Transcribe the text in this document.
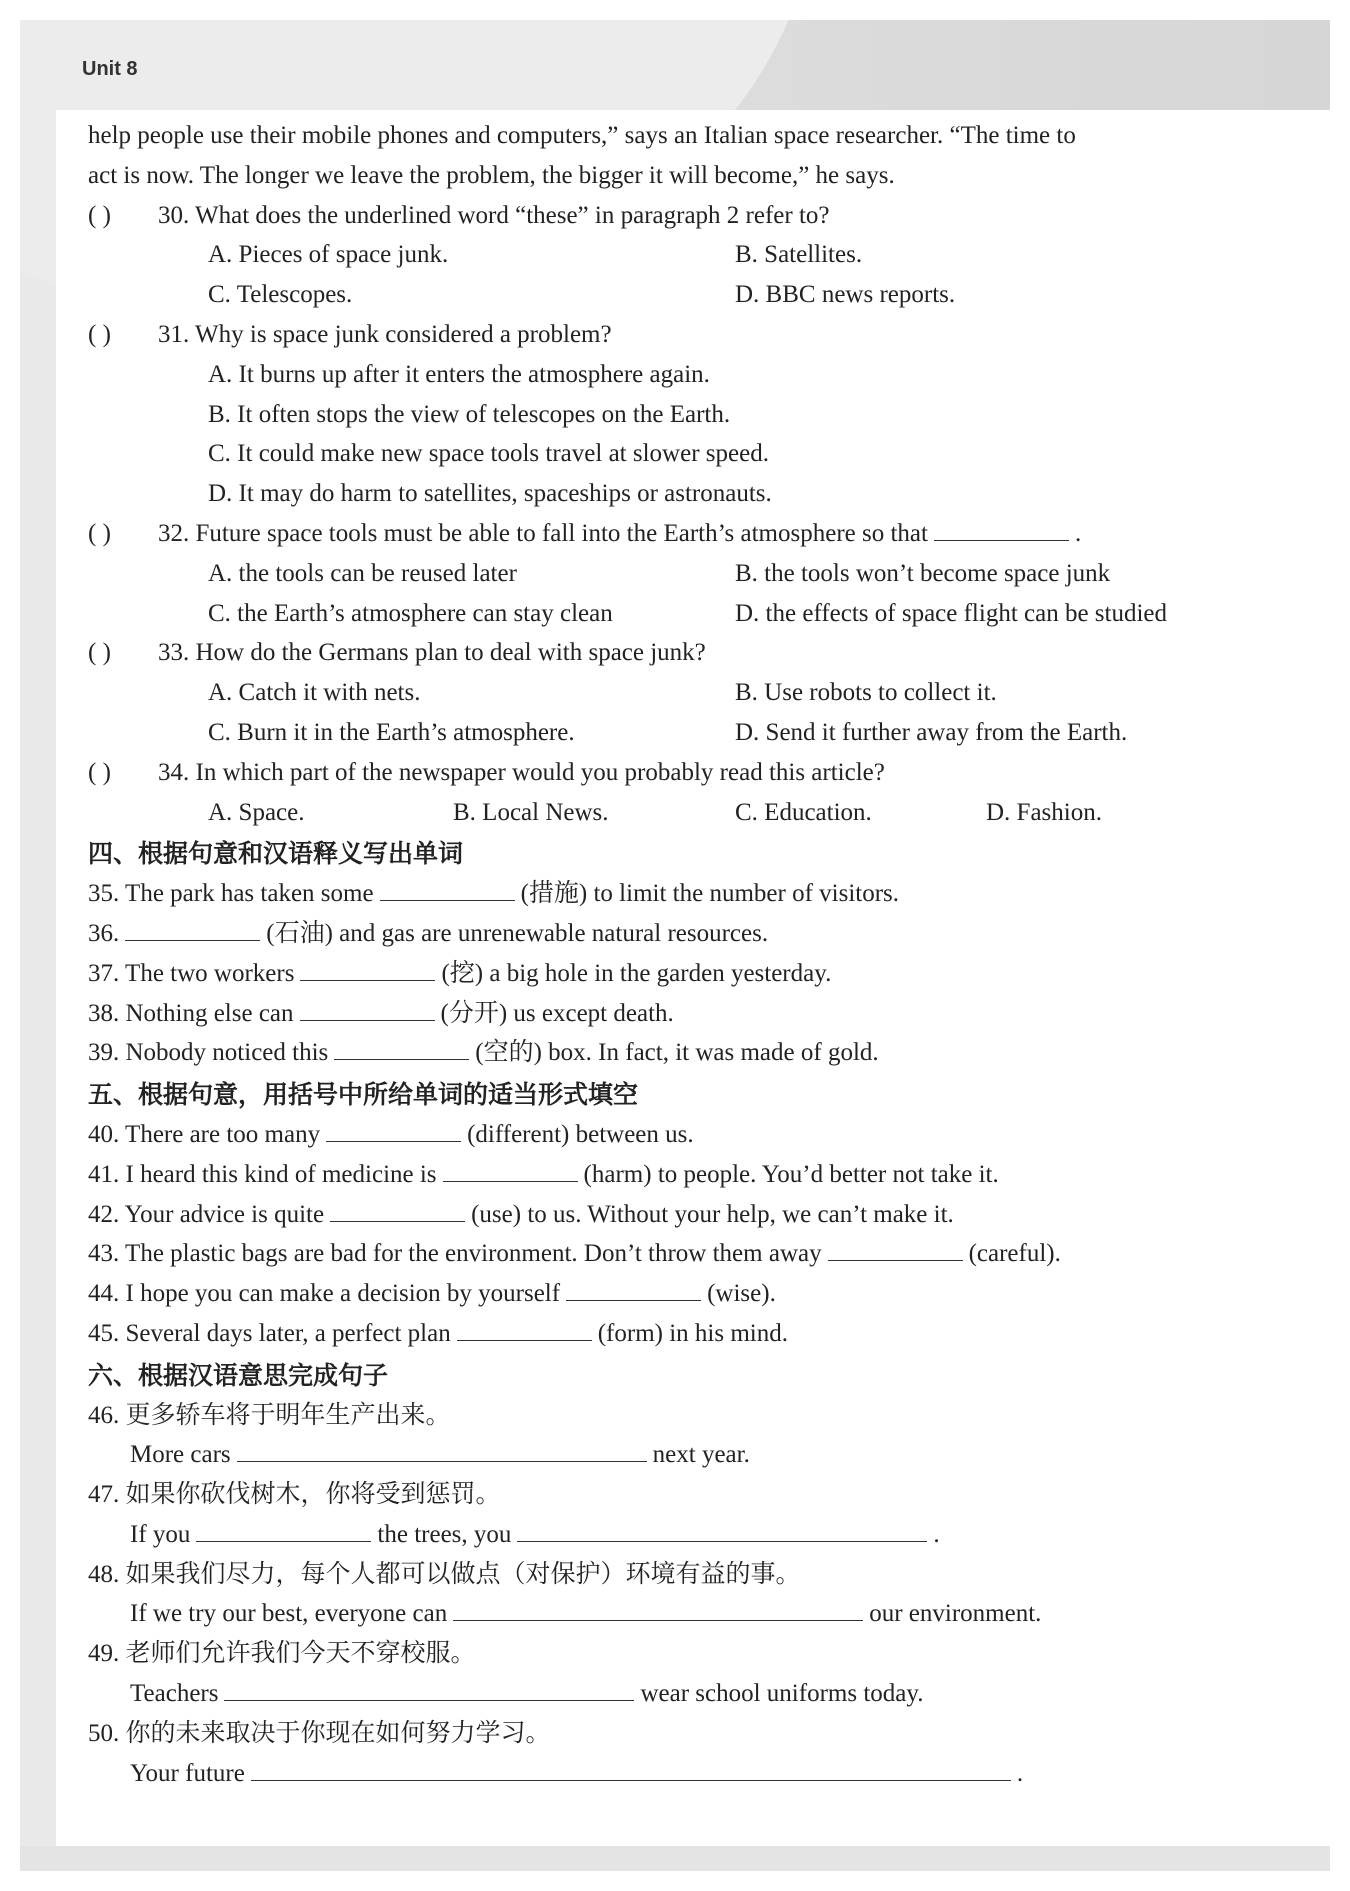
Unit 8
help people use their mobile phones and computers,” says an Italian space researcher. “The time to
act is now. The longer we leave the problem, the bigger it will become,” he says.
( ) 30. What does the underlined word “these” in paragraph 2 refer to?
A. Pieces of space junk.	B. Satellites.
C. Telescopes.	D. BBC news reports.
( ) 31. Why is space junk considered a problem?
A. It burns up after it enters the atmosphere again.
B. It often stops the view of telescopes on the Earth.
C. It could make new space tools travel at slower speed.
D. It may do harm to satellites, spaceships or astronauts.
( ) 32. Future space tools must be able to fall into the Earth’s atmosphere so that	.
A. the tools can be reused later	B. the tools won’t become space junk
C. the Earth’s atmosphere can stay clean	D. the effects of space flight can be studied
( ) 33. How do the Germans plan to deal with space junk?
A. Catch it with nets.	B. Use robots to collect it.
C. Burn it in the Earth’s atmosphere.	D. Send it further away from the Earth.
( ) 34. In which part of the newspaper would you probably read this article?
A. Space.	B. Local News.	C. Education.	D. Fashion.
四、根据句意和汉语释义写出单词
35. The park has taken some	(措施) to limit the number of visitors.
36.	(石油) and gas are unrenewable natural resources.
37. The two workers	(挖) a big hole in the garden yesterday.
38. Nothing else can	(分开) us except death.
39. Nobody noticed this	(空的) box. In fact, it was made of gold.
五、根据句意，用括号中所给单词的适当形式填空
40. There are too many	(different) between us.
41. I heard this kind of medicine is	(harm) to people. You’d better not take it.
42. Your advice is quite	(use) to us. Without your help, we can’t make it.
43. The plastic bags are bad for the environment. Don’t throw them away	(careful).
44. I hope you can make a decision by yourself	(wise).
45. Several days later, a perfect plan	(form) in his mind.
六、根据汉语意思完成句子
46. 更多轿车将于明年生产出来。
More cars	next year.
47. 如果你砍伐树木，你将受到惩罚。
If you	the trees, you	.
48. 如果我们尽力，每个人都可以做点（对保护）环境有益的事。
If we try our best, everyone can	our environment.
49. 老师们允许我们今天不穿校服。
Teachers	wear school uniforms today.
50. 你的未来取决于你现在如何努力学习。
Your future	.
